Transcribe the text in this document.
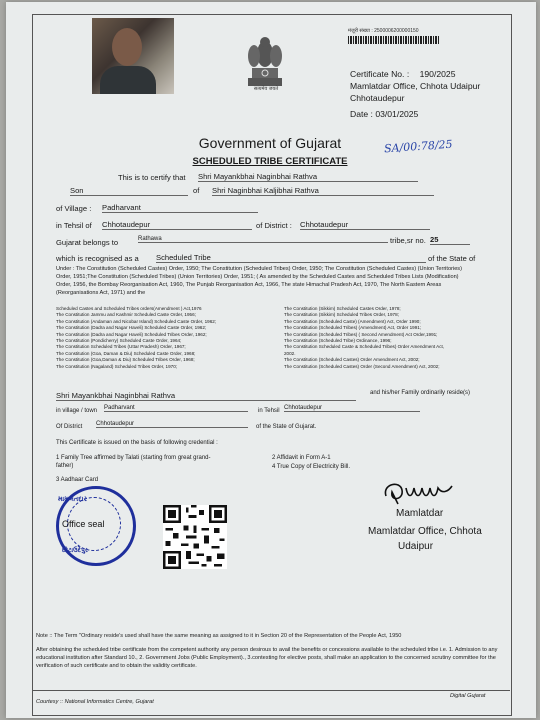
सत्यमेव जयते
मंज़ूरी संख्या : 2500006200000150
Certificate No. : 190/2025
Mamlatdar Office, Chhota Udaipur
Chhotaudepur
Date : 03/01/2025
Government of Gujarat
SCHEDULED TRIBE CERTIFICATE
SA/00:78/25
This is to certify that Shri Mayankbhai Naginbhai Rathva
Son	of Shri Naginbhai Kaljibhai Rathva
of Village : Padharvant
in Tehsil of Chhotaudepur	of District : Chhotaudepur
Gujarat belongs to	Rathawa	tribe,sr no. 25
which is recognised as a Scheduled Tribe	of the State of
Under : The Constitution (Scheduled Castes) Order, 1950; The Constitution (Scheduled Tribes) Order, 1950; The Constitution (Scheduled Castes) (Union Territories) Order, 1951;The Constitution (Scheduled Tribes) (Union Territories) Order, 1951; ( As amended by the Scheduled Castes and Scheduled Tribes Lists (Modification) Order, 1956, the Bombay Reorganisation Act, 1960, The Punjab Reorganisation Act, 1966, The state Himachal Pradesh Act, 1970, The North Eastern Areas (Reorganisations Act, 1971) and the
Scheduled Castes and Scheduled Tribes orders(Amendment ) Act,1976
The Constitution Jammu and Kashmir Scheduled Caste Order, 1956;
The Constitution (Andaman and Nicobar Island) Scheduled Caste Order, 1962;
The Constitution (Dadra and Nagar Haveli) Scheduled Caste Order, 1962;
The Constitution (Dadra and Nagar Haveli) Scheduled Tribes Order, 1962;
The Constitution (Pondicherry) Scheduled Caste Order, 1964;
The Constitution Scheduled Tribes (Uttar Pradesh) Order, 1967;
The Constitution (Goa, Daman & Diu) Scheduled Caste Order, 1968;
The Constitution (Goa,Daman & Diu) Scheduled Tribes Order, 1968;
The Constitution (Nagaland) Scheduled Tribes Order, 1970;
The Constitution (Sikkim) Scheduled Castes Order, 1978;
The Constitution (Sikkim) Scheduled Tribes Order, 1978;
The Constitution (Scheduled Caste) (Amendment) Act, Order 1990;
The Constitution (Scheduled Tribes) (Amendment) Act, Order 1991;
The Constitution (Scheduled Tribes) ( Second Amendment) Act Order,1991;
The Constitution (Scheduled Tribe) Ordinance, 1996;
The Constitution Scheduled Caste & Scheduled Tribes) Order Amendment Act,
2002.
The Constitution (Scheduled Castes) Order Amendment Act, 2002;
The Constitution (Scheduled Castes) Order (Second Amendment) Act, 2002;
Shri Mayankbhai Naginbhai Rathva	and his/her Family ordinarily reside(s)
in village / town Padharvant	in Tehsil Chhotaudepur
Of District Chhotaudepur	of the State of Gujarat.
This Certificate is issued on the basis of following credential :
1 Family Tree affirmed by Talati (starting from great grand-
father)
2 Affidavit in Form A-1
3 Aadhaar Card
4 True Copy of Electricity Bill.
મામલતદાર
Office seal
છોટાઉદેપુર
Mamlatdar
Mamlatdar Office, Chhota
Udaipur
Note :: The Term "Ordinary reside's used shall have the same meaning as assigned to it in Section 20 of the Representation of the People Act, 1950
After obtaining the scheduled tribe certificate from the competent authority any person desirous to avail the benefits or concessions available to the scheduled tribe i.e. 1. Admission to any educational institution after Standard 10., 2. Government Jobs (Public Employment)., 3.contesting for elective posts, shall make an application to the concerned scrutiny committee for the verification of such certificate and to obtain the validity certificate.
Courtesy :: National Informatics Centre, Gujarat
Digital Gujarat
